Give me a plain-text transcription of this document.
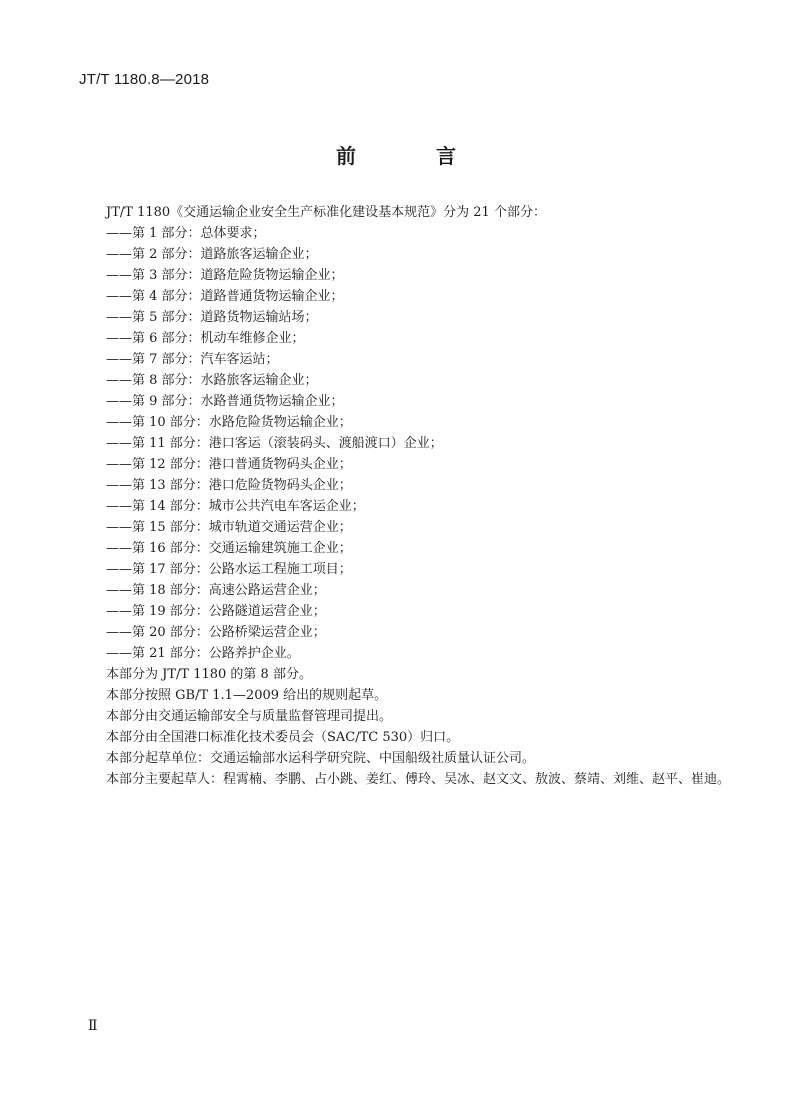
JT/T 1180.8—2018
前　言
JT/T 1180《交通运输企业安全生产标准化建设基本规范》分为 21 个部分：
——第 1 部分：总体要求；
——第 2 部分：道路旅客运输企业；
——第 3 部分：道路危险货物运输企业；
——第 4 部分：道路普通货物运输企业；
——第 5 部分：道路货物运输站场；
——第 6 部分：机动车维修企业；
——第 7 部分：汽车客运站；
——第 8 部分：水路旅客运输企业；
——第 9 部分：水路普通货物运输企业；
——第 10 部分：水路危险货物运输企业；
——第 11 部分：港口客运（滚装码头、渡船渡口）企业；
——第 12 部分：港口普通货物码头企业；
——第 13 部分：港口危险货物码头企业；
——第 14 部分：城市公共汽电车客运企业；
——第 15 部分：城市轨道交通运营企业；
——第 16 部分：交通运输建筑施工企业；
——第 17 部分：公路水运工程施工项目；
——第 18 部分：高速公路运营企业；
——第 19 部分：公路隧道运营企业；
——第 20 部分：公路桥梁运营企业；
——第 21 部分：公路养护企业。
本部分为 JT/T 1180 的第 8 部分。
本部分按照 GB/T 1.1—2009 给出的规则起草。
本部分由交通运输部安全与质量监督管理司提出。
本部分由全国港口标准化技术委员会（SAC/TC 530）归口。
本部分起草单位：交通运输部水运科学研究院、中国船级社质量认证公司。
本部分主要起草人：程霄楠、李鹏、占小跳、姜红、傅玲、吴冰、赵文文、敖波、蔡靖、刘维、赵平、崔迪。
Ⅱ
